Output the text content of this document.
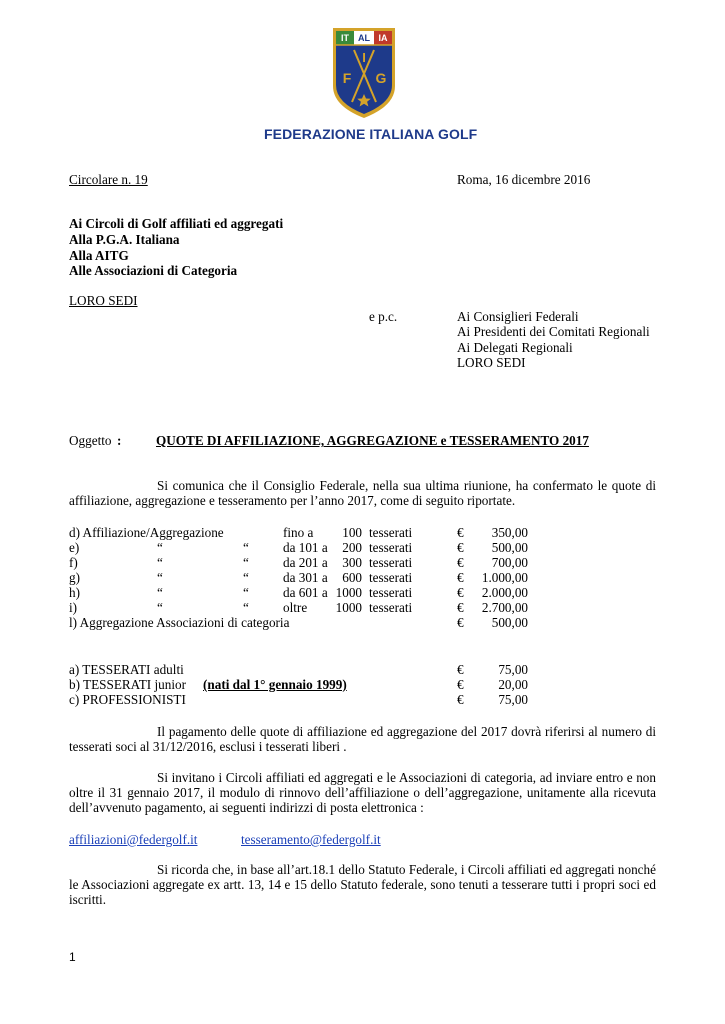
IT	AL IA
I
F G
FEDERAZIONE ITALIANA GOLF
Circolare n. 19	Roma, 16 dicembre 2016
Ai Circoli di Golf affiliati ed aggregati
Alla P.G.A. Italiana
Alla AITG
Alle Associazioni di Categoria
LORO SEDI
e p.c.	Ai Consiglieri Federali
Ai Presidenti dei Comitati Regionali
Ai Delegati Regionali
LORO SEDI
Oggetto :	QUOTE DI AFFILIAZIONE, AGGREGAZIONE e TESSERAMENTO 2017
Si comunica che il Consiglio Federale, nella sua ultima riunione, ha confermato le quote di affiliazione, aggregazione e tesseramento per l’anno 2017, come di seguito riportate.
d) Affiliazione/Aggregazione	fino a	100 tesserati	€	350,00
e)	“	“	da 101 a	200 tesserati	€	500,00
f)	“	“	da 201 a	300 tesserati	€	700,00
g)	“	“	da 301 a	600 tesserati	€	1.000,00
h)	“	“	da 601 a 1000 tesserati	€	2.000,00
i)	“	“	oltre	1000 tesserati	€	2.700,00
l) Aggregazione Associazioni di categoria	€	500,00
a) TESSERATI adulti	€	75,00
b) TESSERATI junior (nati dal 1° gennaio 1999)	€	20,00
c) PROFESSIONISTI	€	75,00
Il pagamento delle quote di affiliazione ed aggregazione del 2017 dovrà riferirsi al numero di tesserati soci al 31/12/2016, esclusi i tesserati liberi .
Si invitano i Circoli affiliati ed aggregati e le Associazioni di categoria, ad inviare entro e non oltre il 31 gennaio 2017, il modulo di rinnovo dell’affiliazione o dell’aggregazione, unitamente alla ricevuta dell’avvenuto pagamento, ai seguenti indirizzi di posta elettronica :
affiliazioni@federgolf.it	tesseramento@federgolf.it
Si ricorda che, in base all’art.18.1 dello Statuto Federale, i Circoli affiliati ed aggregati nonché le Associazioni aggregate ex artt. 13, 14 e 15 dello Statuto federale, sono tenuti a tesserare tutti i propri soci ed iscritti.
1
